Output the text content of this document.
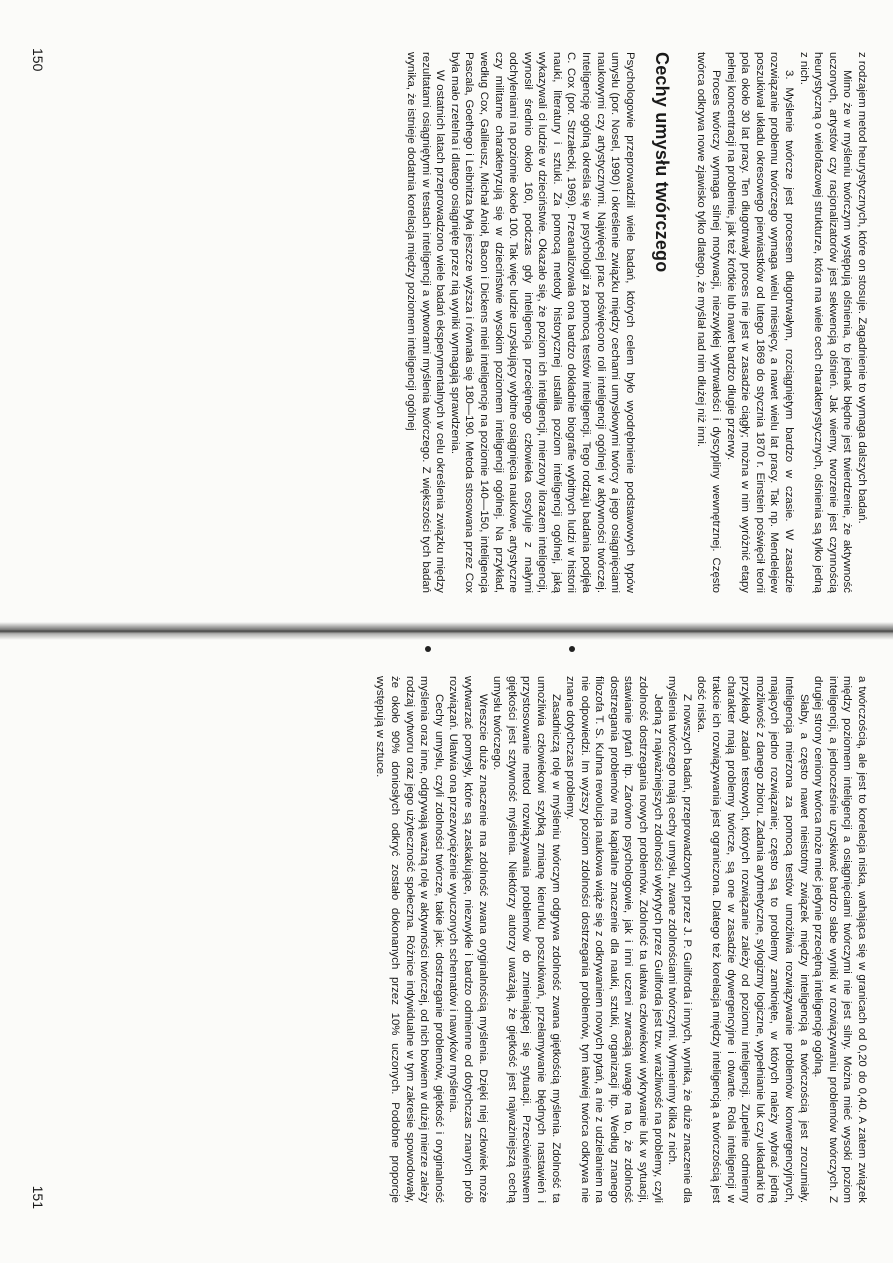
z rodzajem metod heurystycznych, które on stosuje. Zagadnienie to wymaga dalszych badań.

Mimo że w myśleniu twórczym występują olśnienia, to jednak błędne jest twierdzenie, że aktywność uczonych, artystów czy racjonalizatorów jest sekwencją olśnień. Jak wiemy, tworzenie jest czynnością heurystyczną o wielofazowej strukturze, która ma wiele cech charakterystycznych, olśnienia są tylko jedną z nich.

3. Myślenie twórcze jest procesem długotrwałym, rozciągniętym bardzo w czasie. W zasadzie rozwiązanie problemu twórczego wymaga wielu miesięcy, a nawet wielu lat pracy. Tak np. Mendelejew poszukiwał układu okresowego pierwiastków od lutego 1869 do stycznia 1870 r. Einstein poświęcił teorii pola około 30 lat pracy. Ten długotrwały proces nie jest w zasadzie ciągły; można w nim wyróżnić etapy pełnej koncentracji na problemie, jak też krótkie lub nawet bardzo długie przerwy.

Proces twórczy wymaga silnej motywacji, niezwykłej wytrwałości i dyscypliny wewnętrznej. Często twórca odkrywa nowe zjawisko tylko dlatego, że myślał nad nim dłużej niż inni.

Cechy umysłu twórczego

Psychologowie przeprowadzili wiele badań, których celem było wyodrębnienie podstawowych typów umysłu (por. Nosel, 1990) i określenie związku między cechami umysłowymi twórcy a jego osiągnięciami naukowymi czy artystycznymi. Najwięcej prac poświęcono roli inteligencji ogólnej w aktywności twórczej. Inteligencję ogólną określa się w psychologii za pomocą testów inteligencji. Tego rodzaju badania podjęła C. Cox (por. Strzałecki, 1969). Przeanalizowała ona bardzo dokładnie biografie wybitnych ludzi w historii nauki, literatury i sztuki. Za pomocą metody historycznej ustaliła poziom inteligencji ogólnej, jaką wykazywali ci ludzie w dzieciństwie. Okazało się, że poziom ich inteligencji, mierzony ilorazem inteligencji, wynosił średnio około 160, podczas gdy inteligencja przeciętnego człowieka oscyluje z małymi odchyleniami na poziomie około 100. Tak więc ludzie uzyskujący wybitne osiągnięcia naukowe, artystyczne czy militarne charakteryzują się w dzieciństwie wysokim poziomem inteligencji ogólnej. Na przykład, według Cox, Galileusz, Michał Anioł, Bacon i Dickens mieli inteligencję na poziomie 140—150, inteligencja Pascala, Goethego i Leibnitza była jeszcze wyższa i równała się 180—190. Metoda stosowana przez Cox była mało rzetelna i dlatego osiągnięte przez nią wyniki wymagają sprawdzenia.

W ostatnich latach przeprowadzono wiele badań eksperymentalnych w celu określenia związku między rezultatami osiągniętymi w testach inteligencji a wytworami myślenia twórczego. Z większości tych badań wynika, że istnieje dodatnia korelacja między poziomem inteligencji ogólnej

150

a twórczością, ale jest to korelacja niska, wahająca się w granicach od 0,20 do 0,40. A zatem związek między poziomem inteligencji a osiągnięciami twórczymi nie jest silny. Można mieć wysoki poziom inteligencji, a jednocześnie uzyskiwać bardzo słabe wyniki w rozwiązywaniu problemów twórczych. Z drugiej strony ceniony twórca może mieć jedynie przeciętną inteligencję ogólną.

Słaby, a często nawet nieistotny związek między inteligencją a twórczością jest zrozumiały. Inteligencja mierzona za pomocą testów umożliwia rozwiązywanie problemów konwergencyjnych, mających jedno rozwiązanie; często są to problemy zamknięte, w których należy wybrać jedną możliwość z danego zbioru. Zadania arytmetyczne, sylogizmy logiczne, wypełnianie luk czy układanki to przykłady zadań testowych, których rozwiązanie zależy od poziomu inteligencji. Zupełnie odmienny charakter mają problemy twórcze, są one w zasadzie dywergencyjne i otwarte. Rola inteligencji w trakcie ich rozwiązywania jest ograniczona. Dlatego też korelacja między inteligencją a twórczością jest dość niska.

Z nowszych badań, przeprowadzonych przez J. P. Guilforda i innych, wynika, że duże znaczenie dla myślenia twórczego mają cechy umysłu, zwane zdolnościami twórczymi. Wymienimy kilka z nich.

Jedną z najważniejszych zdolności wykrytych przez Guilforda jest tzw. wrażliwość na problemy, czyli zdolność dostrzegania nowych problemów. Zdolność ta ułatwia człowiekowi wykrywanie luk w sytuacji, stawianie pytań itp. Zarówno psychologowie, jak i inni uczeni zwracają uwagę na to, że zdolność dostrzegania problemów ma kapitalne znaczenie dla nauki, sztuki, organizacji itp. Według znanego filozofa T. S. Kuhna rewolucja naukowa wiąże się z odkrywaniem nowych pytań, a nie z udzielaniem na nie odpowiedzi. Im wyższy poziom zdolności dostrzegania problemów, tym łatwiej twórca odkrywa nie znane dotychczas problemy.

Zasadniczą rolę w myśleniu twórczym odgrywa zdolność zwana giętkością myślenia. Zdolność ta umożliwia człowiekowi szybką zmianę kierunku poszukiwań, przełamywanie błędnych nastawień i przystosowanie metod rozwiązywania problemów do zmieniającej się sytuacji. Przeciwieństwem giętkości jest sztywność myślenia. Niektórzy autorzy uważają, że giętkość jest najważniejszą cechą umysłu twórczego.

Wreszcie duże znaczenie ma zdolność zwana oryginalnością myślenia. Dzięki niej człowiek może wytwarzać pomysły, które są zaskakujące, niezwykłe i bardzo odmienne od dotychczas znanych prób rozwiązań. Ułatwia ona przezwyciężenie wyuczonych schematów i nawyków myślenia.

Cechy umysłu, czyli zdolności twórcze, takie jak: dostrzeganie problemów, giętkość i oryginalność myślenia oraz inne, odgrywają ważną rolę w aktywności twórczej, od nich bowiem w dużej mierze zależy rodzaj wytworu oraz jego użyteczność społeczna. Różnice indywidualne w tym zakresie spowodowały, że około 90% doniosłych odkryć zostało dokonanych przez 10% uczonych. Podobne proporcje występują w sztuce.

151
